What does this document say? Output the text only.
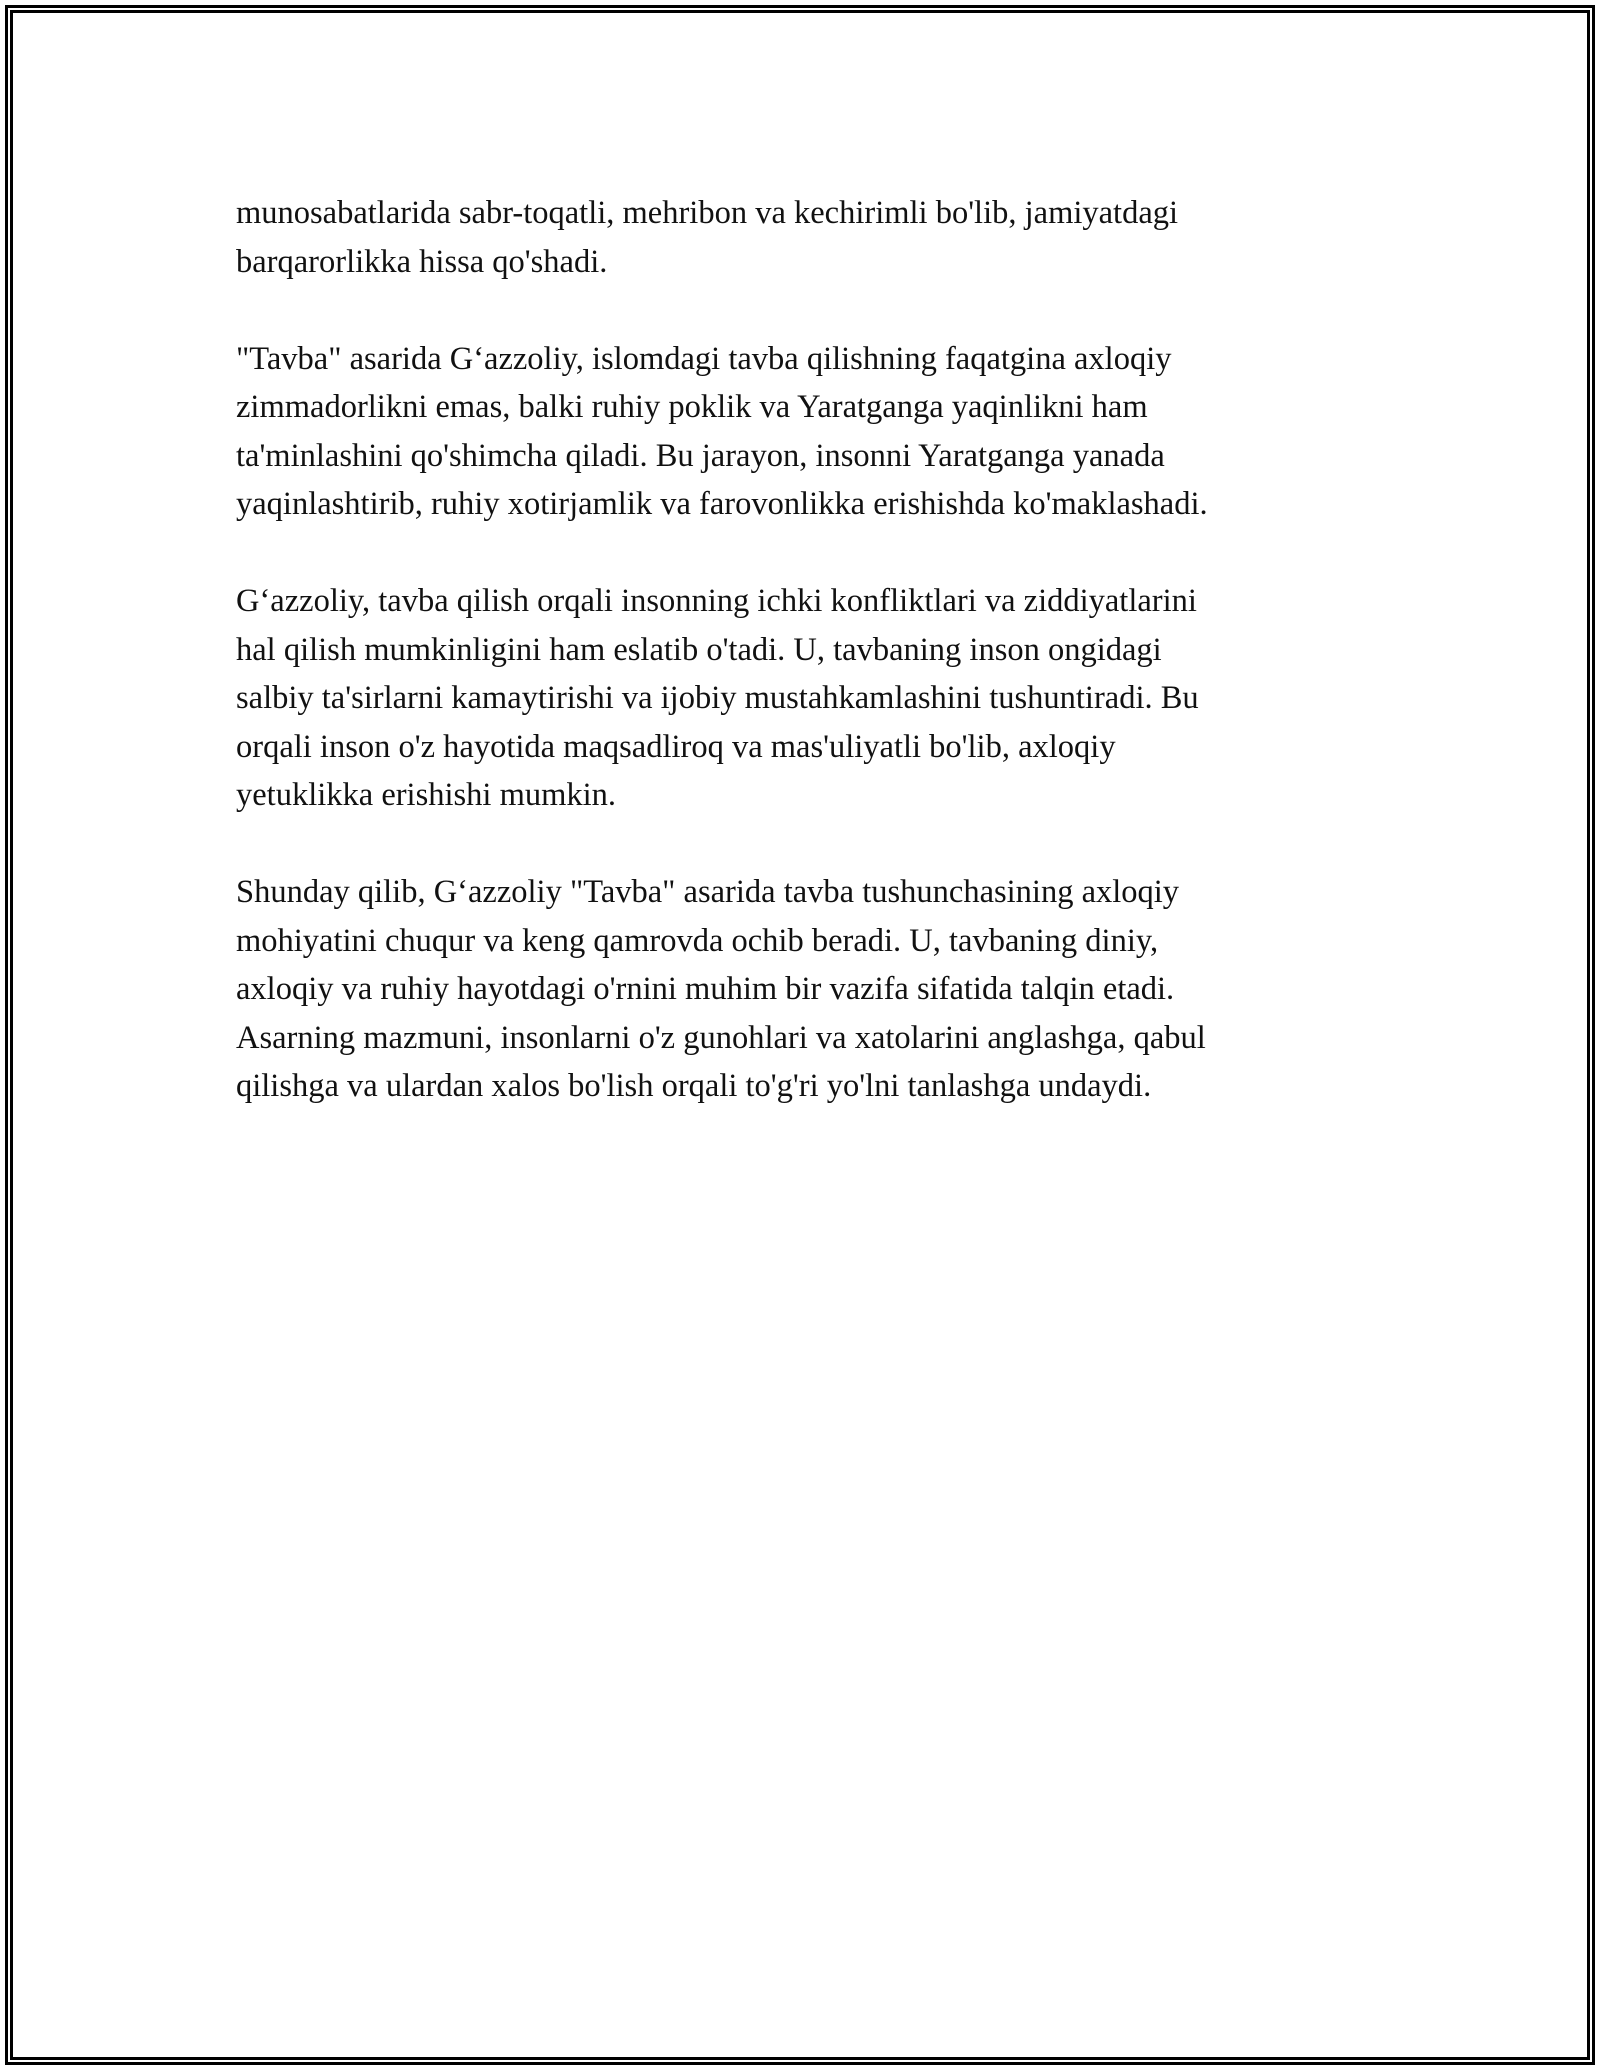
munosabatlarida sabr-toqatli, mehribon va kechirimli bo'lib, jamiyatdagi
barqarorlikka hissa qo'shadi.
"Tavba" asarida G‘azzoliy, islomdagi tavba qilishning faqatgina axloqiy
zimmadorlikni emas, balki ruhiy poklik va Yaratganga yaqinlikni ham
ta'minlashini qo'shimcha qiladi. Bu jarayon, insonni Yaratganga yanada
yaqinlashtirib, ruhiy xotirjamlik va farovonlikka erishishda ko'maklashadi.
G‘azzoliy, tavba qilish orqali insonning ichki konfliktlari va ziddiyatlarini
hal qilish mumkinligini ham eslatib o'tadi. U, tavbaning inson ongidagi
salbiy ta'sirlarni kamaytirishi va ijobiy mustahkamlashini tushuntiradi. Bu
orqali inson o'z hayotida maqsadliroq va mas'uliyatli bo'lib, axloqiy
yetuklikka erishishi mumkin.
Shunday qilib, G‘azzoliy "Tavba" asarida tavba tushunchasining axloqiy
mohiyatini chuqur va keng qamrovda ochib beradi. U, tavbaning diniy,
axloqiy va ruhiy hayotdagi o'rnini muhim bir vazifa sifatida talqin etadi.
Asarning mazmuni, insonlarni o'z gunohlari va xatolarini anglashga, qabul
qilishga va ulardan xalos bo'lish orqali to'g'ri yo'lni tanlashga undaydi.
